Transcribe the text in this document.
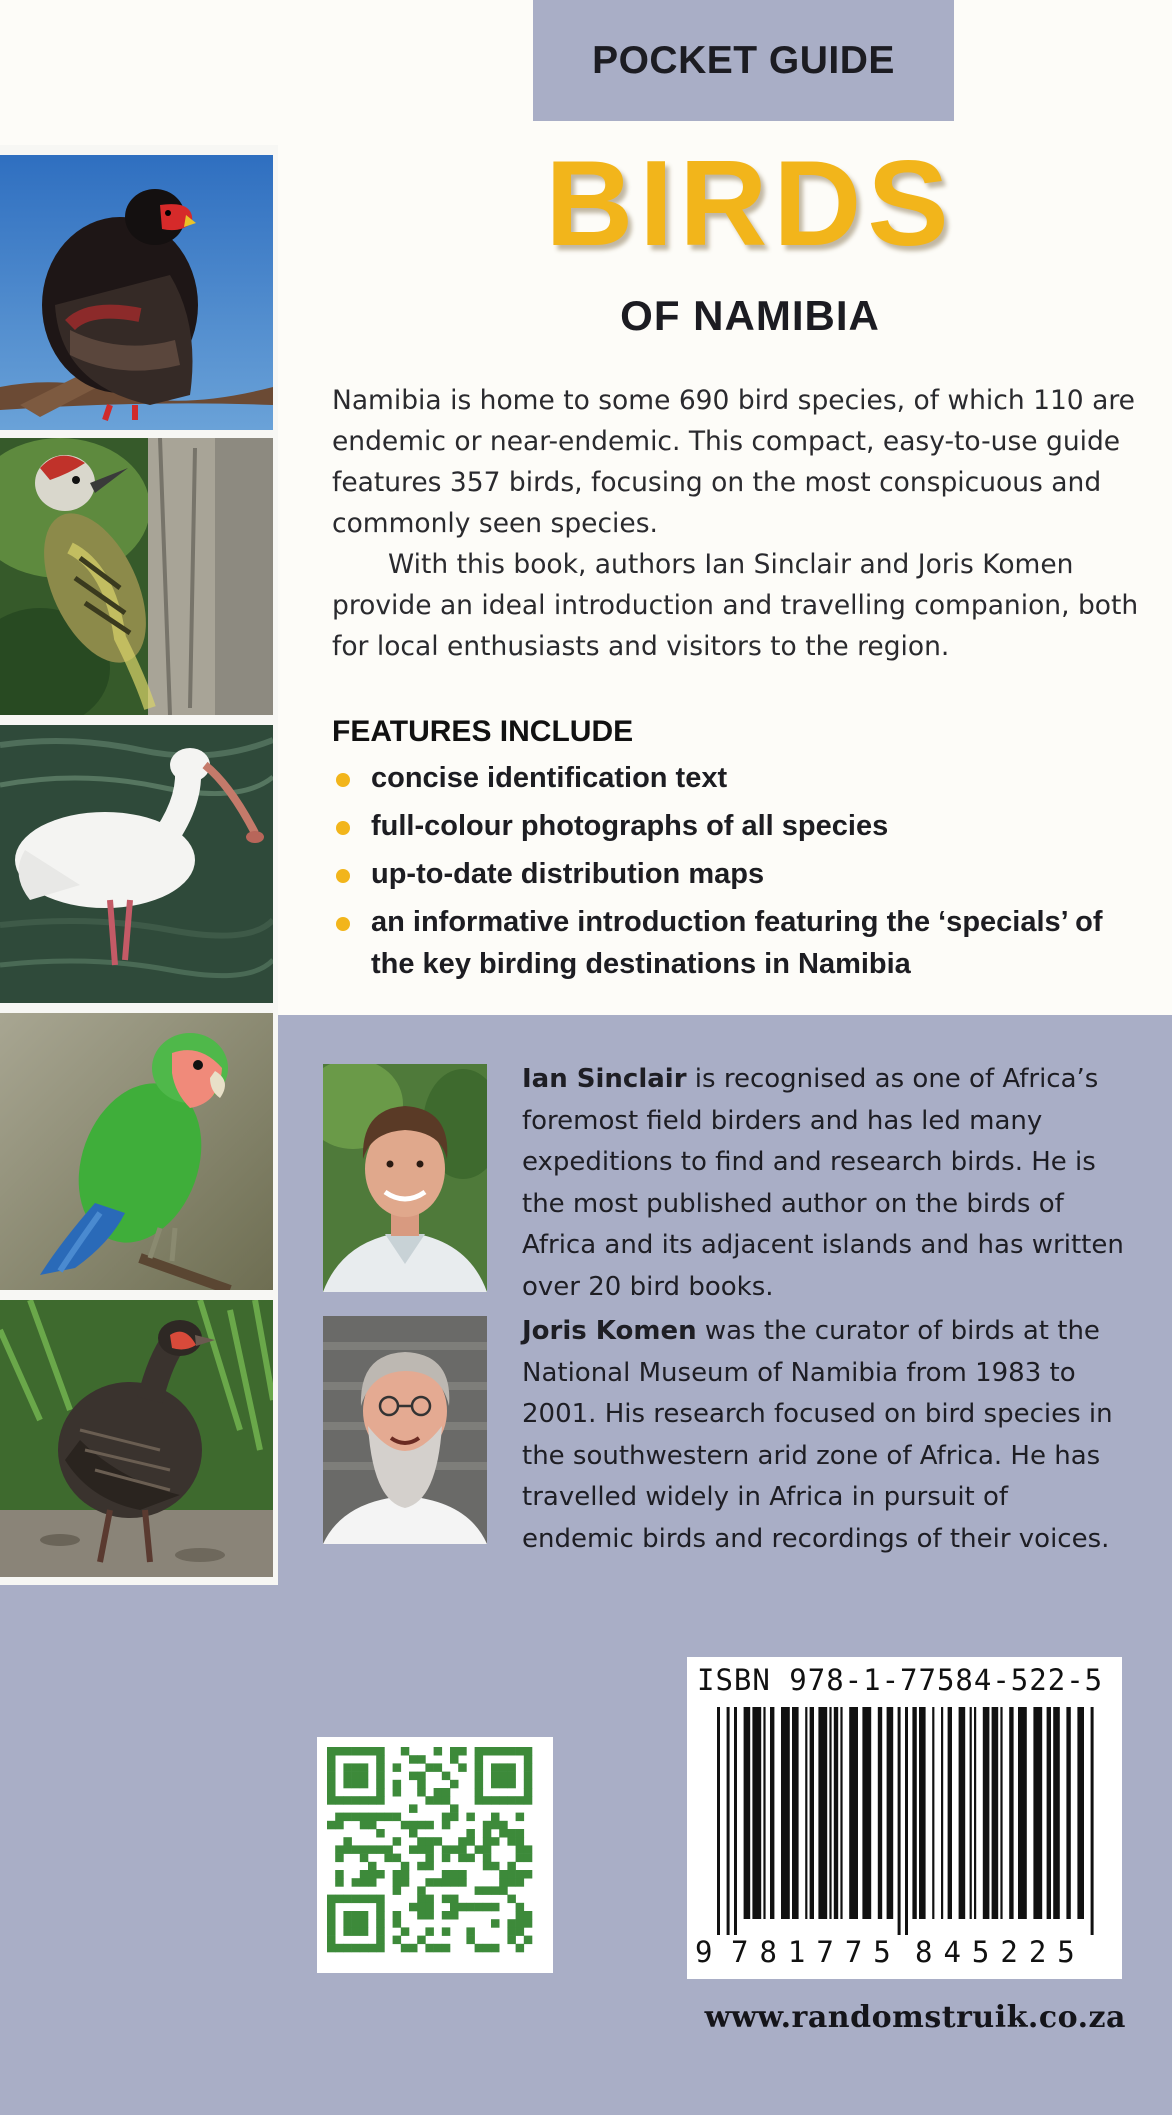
POCKET GUIDE
BIRDS
OF NAMIBIA

Namibia is home to some 690 bird species, of which 110 are endemic or near-endemic. This compact, easy-to-use guide features 357 birds, focusing on the most conspicuous and commonly seen species.

With this book, authors Ian Sinclair and Joris Komen provide an ideal introduction and travelling companion, both for local enthusiasts and visitors to the region.

FEATURES INCLUDE
concise identification text
full-colour photographs of all species
up-to-date distribution maps
an informative introduction featuring the ‘specials’ of the key birding destinations in Namibia

Ian Sinclair is recognised as one of Africa’s foremost field birders and has led many expeditions to find and research birds. He is the most published author on the birds of Africa and its adjacent islands and has written over 20 bird books.

Joris Komen was the curator of birds at the National Museum of Namibia from 1983 to 2001. His research focused on bird species in the southwestern arid zone of Africa. He has travelled widely in Africa in pursuit of endemic birds and recordings of their voices.

ISBN 978-1-77584-522-5
9 781775 845225
www.randomstruik.co.za
